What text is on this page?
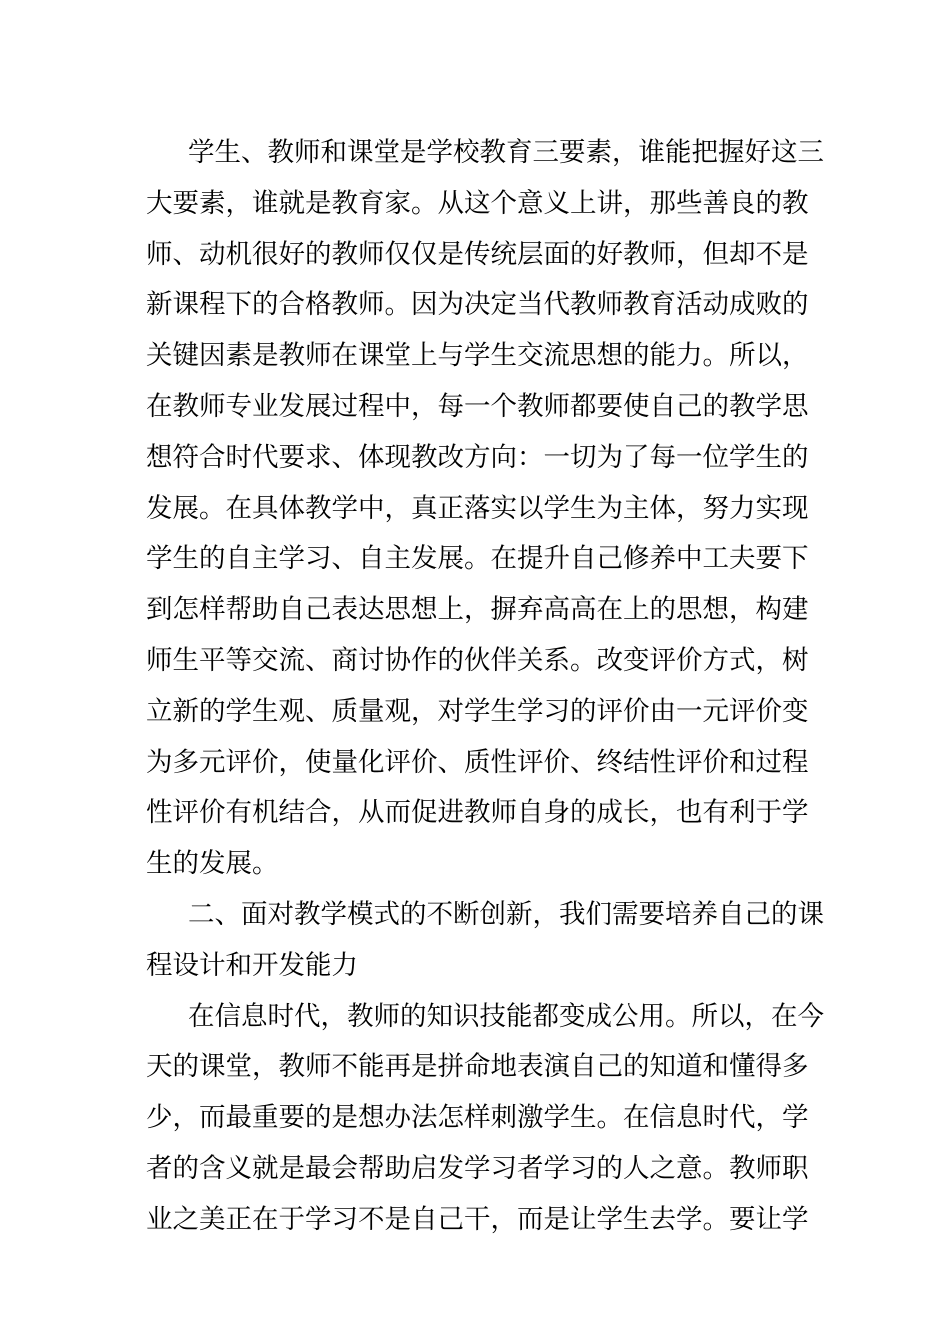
学生、教师和课堂是学校教育三要素，谁能把握好这三
大要素，谁就是教育家。从这个意义上讲，那些善良的教
师、动机很好的教师仅仅是传统层面的好教师，但却不是
新课程下的合格教师。因为决定当代教师教育活动成败的
关键因素是教师在课堂上与学生交流思想的能力。所以，
在教师专业发展过程中，每一个教师都要使自己的教学思
想符合时代要求、体现教改方向：一切为了每一位学生的
发展。在具体教学中，真正落实以学生为主体，努力实现
学生的自主学习、自主发展。在提升自己修养中工夫要下
到怎样帮助自己表达思想上，摒弃高高在上的思想，构建
师生平等交流、商讨协作的伙伴关系。改变评价方式，树
立新的学生观、质量观，对学生学习的评价由一元评价变
为多元评价，使量化评价、质性评价、终结性评价和过程
性评价有机结合，从而促进教师自身的成长，也有利于学
生的发展。
二、面对教学模式的不断创新，我们需要培养自己的课
程设计和开发能力
在信息时代，教师的知识技能都变成公用。所以，在今
天的课堂，教师不能再是拼命地表演自己的知道和懂得多
少，而最重要的是想办法怎样刺激学生。在信息时代，学
者的含义就是最会帮助启发学习者学习的人之意。教师职
业之美正在于学习不是自己干，而是让学生去学。要让学
